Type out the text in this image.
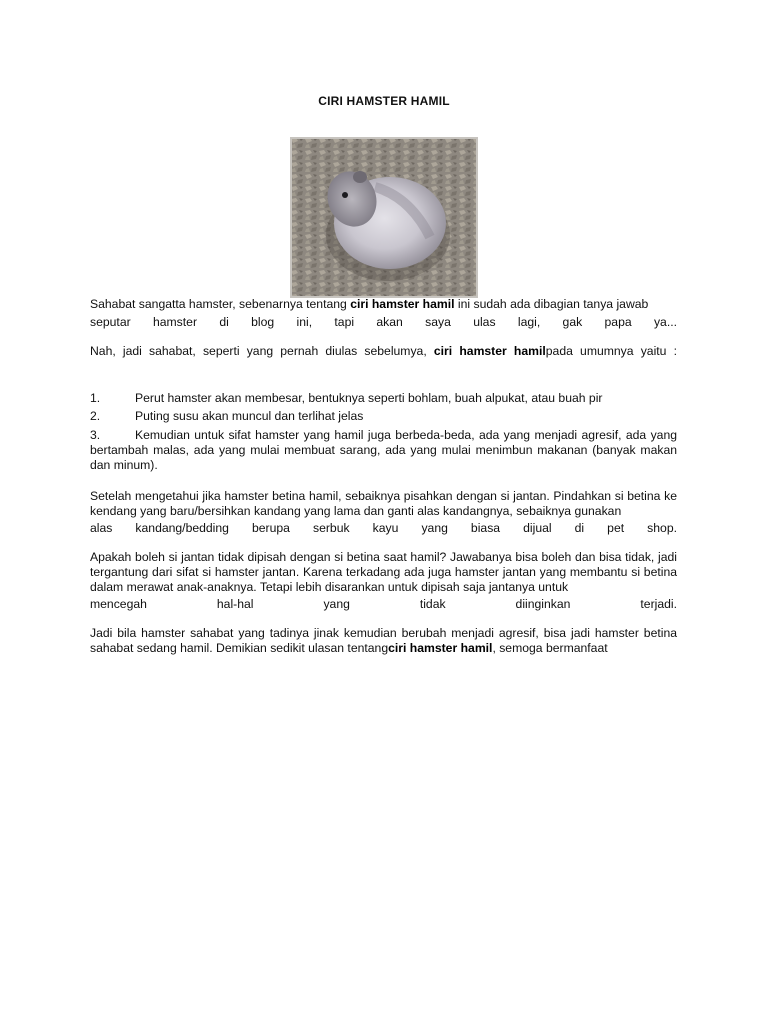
CIRI HAMSTER HAMIL
Sahabat sangatta hamster, sebenarnya tentang ciri hamster hamil ini sudah ada dibagian tanya jawab
seputar hamster di blog ini, tapi akan saya ulas lagi, gak papa ya...
Nah, jadi sahabat, seperti yang pernah diulas sebelumya, ciri hamster hamilpada umumnya yaitu :
1.	Perut hamster akan membesar, bentuknya seperti bohlam, buah alpukat, atau buah pir
2.	Puting susu akan muncul dan terlihat jelas
3.	Kemudian untuk sifat hamster yang hamil juga berbeda-beda, ada yang menjadi agresif, ada yang bertambah malas, ada yang mulai membuat sarang, ada yang mulai menimbun makanan (banyak makan dan minum).
Setelah mengetahui jika hamster betina hamil, sebaiknya pisahkan dengan si jantan. Pindahkan si betina ke kendang yang baru/bersihkan kandang yang lama dan ganti alas kandangnya, sebaiknya gunakan
alas kandang/bedding berupa serbuk kayu yang biasa dijual di pet shop.
Apakah boleh si jantan tidak dipisah dengan si betina saat hamil? Jawabanya bisa boleh dan bisa tidak, jadi tergantung dari sifat si hamster jantan. Karena terkadang ada juga hamster jantan yang membantu si betina dalam merawat anak-anaknya. Tetapi lebih disarankan untuk dipisah saja jantanya untuk
mencegah hal-hal yang tidak diinginkan terjadi.
Jadi bila hamster sahabat yang tadinya jinak kemudian berubah menjadi agresif, bisa jadi hamster betina sahabat sedang hamil. Demikian sedikit ulasan tentangciri hamster hamil, semoga bermanfaat
